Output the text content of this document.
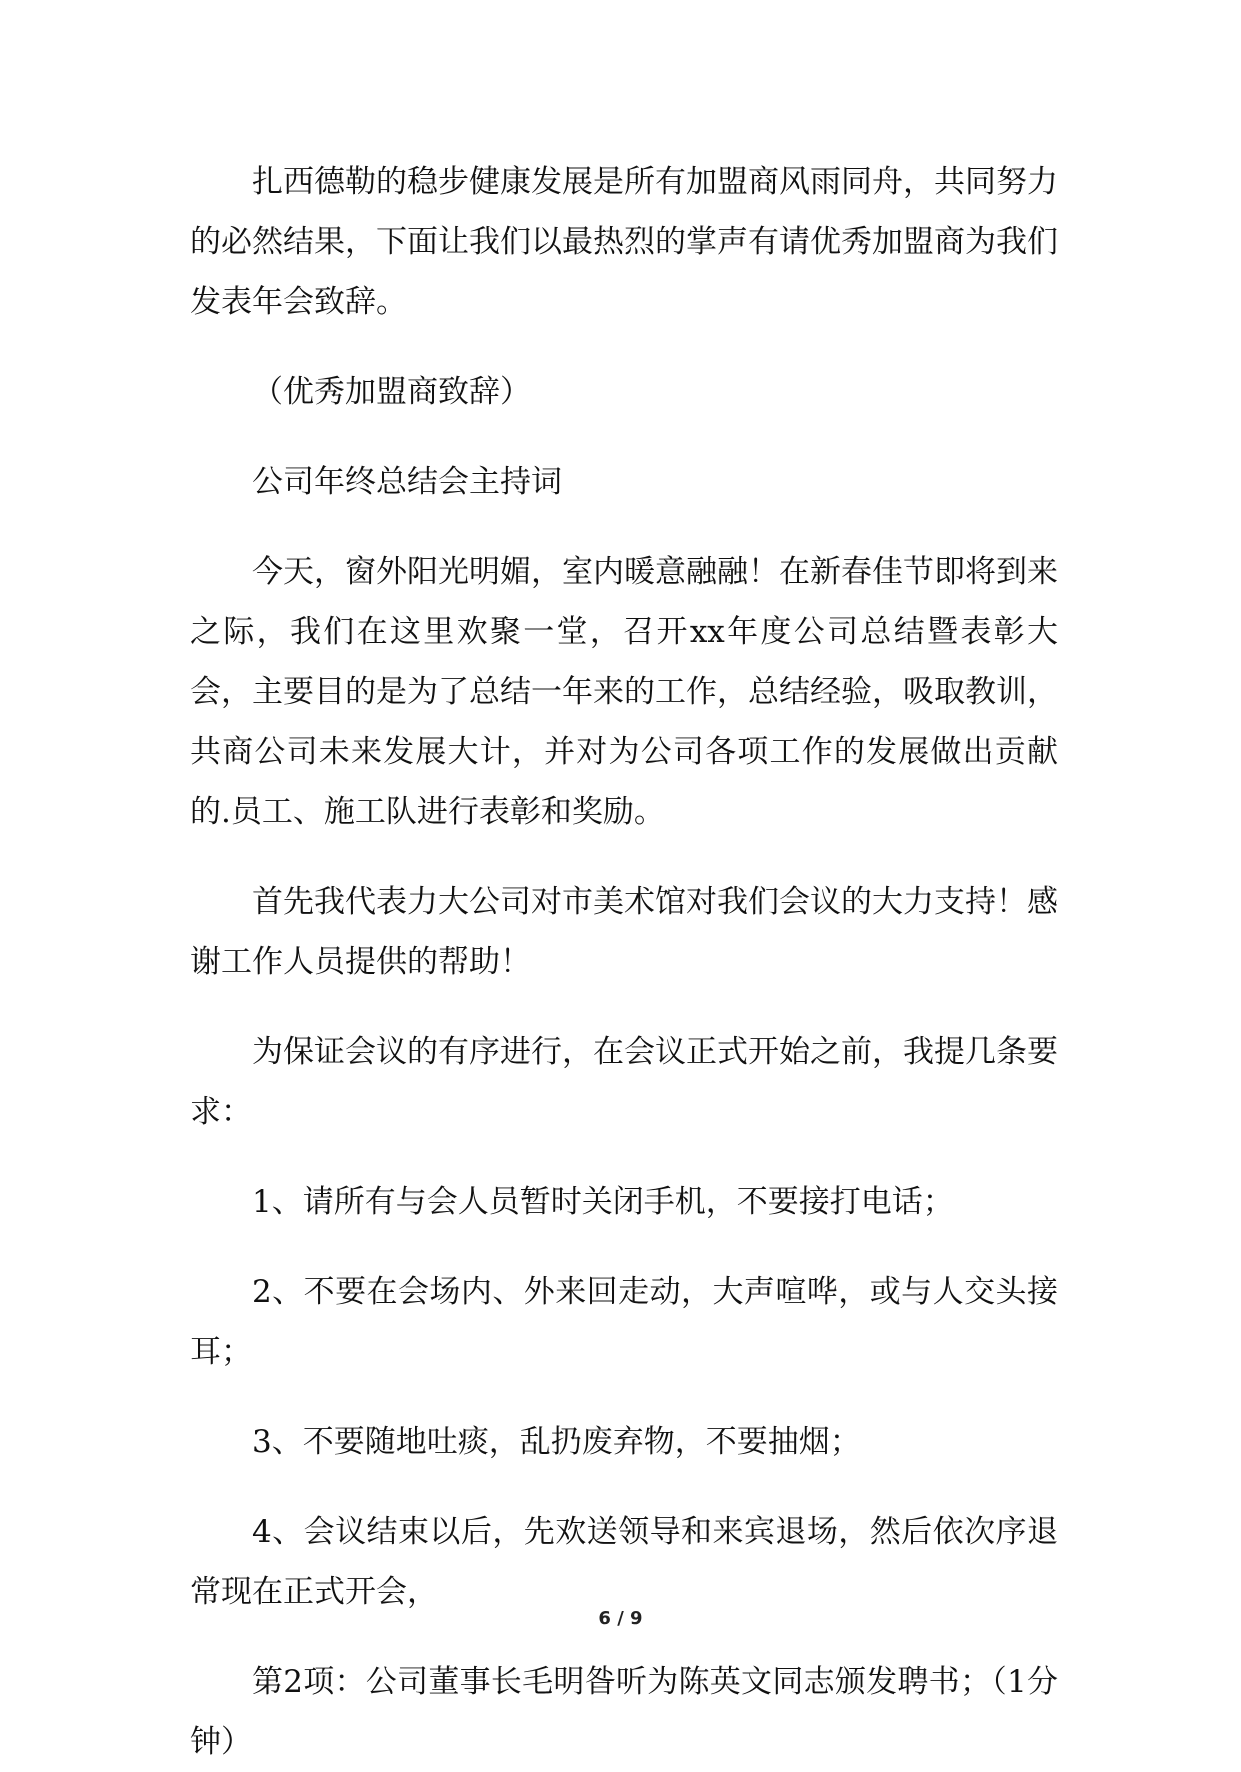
扎西德勒的稳步健康发展是所有加盟商风雨同舟，共同努力的必然结果，下面让我们以最热烈的掌声有请优秀加盟商为我们发表年会致辞。

（优秀加盟商致辞）

公司年终总结会主持词

今天，窗外阳光明媚，室内暖意融融！在新春佳节即将到来之际，我们在这里欢聚一堂，召开xx年度公司总结暨表彰大会，主要目的是为了总结一年来的工作，总结经验，吸取教训，共商公司未来发展大计，并对为公司各项工作的发展做出贡献的.员工、施工队进行表彰和奖励。

首先我代表力大公司对市美术馆对我们会议的大力支持！感谢工作人员提供的帮助！

为保证会议的有序进行，在会议正式开始之前，我提几条要求：

1、请所有与会人员暂时关闭手机，不要接打电话；

2、不要在会场内、外来回走动，大声喧哗，或与人交头接耳；

3、不要随地吐痰，乱扔废弃物，不要抽烟；

4、会议结束以后，先欢送领导和来宾退场，然后依次序退常现在正式开会，

第2项：公司董事长毛明昝听为陈英文同志颁发聘书；（1分钟）

6 / 9
